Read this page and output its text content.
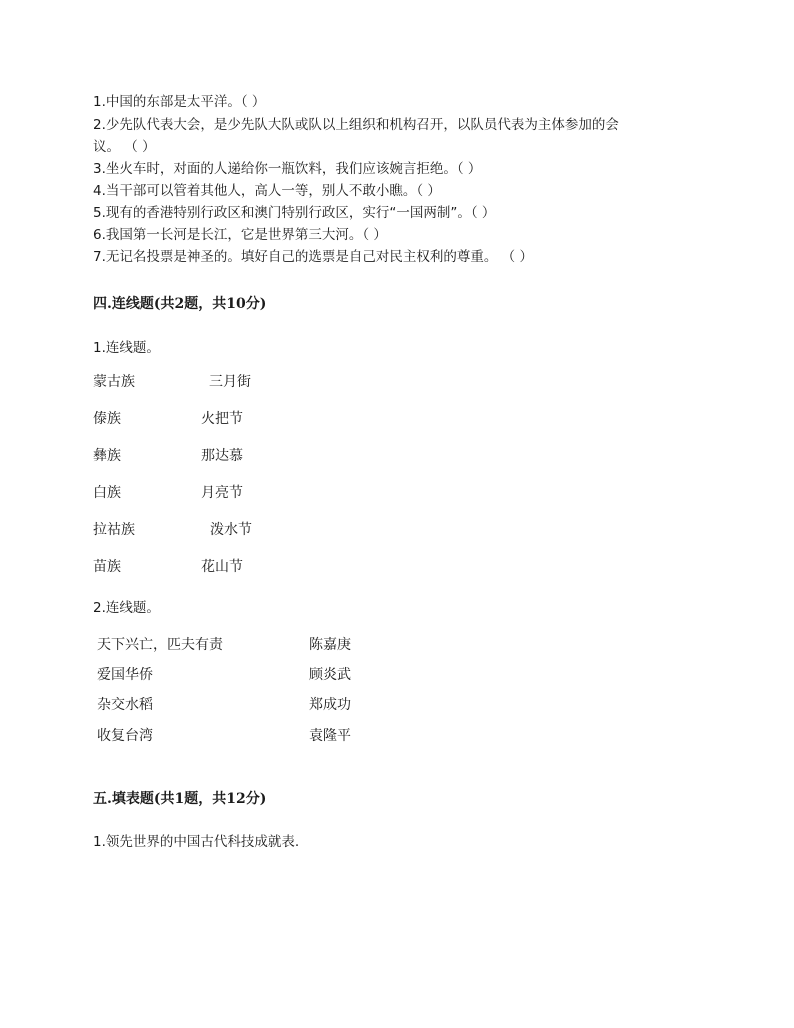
1.中国的东部是太平洋。（ ）
2.少先队代表大会，是少先队大队或队以上组织和机构召开，以队员代表为主体参加的会
议。 （ ）
3.坐火车时，对面的人递给你一瓶饮料，我们应该婉言拒绝。（ ）
4.当干部可以管着其他人，高人一等，别人不敢小瞧。（ ）
5.现有的香港特别行政区和澳门特别行政区，实行“一国两制”。（ ）
6.我国第一长河是长江，它是世界第三大河。（ ）
7.无记名投票是神圣的。填好自己的选票是自己对民主权利的尊重。 （ ）
四.连线题(共2题，共10分)
1.连线题。
蒙古族	三月街
傣族	火把节
彝族	那达慕
白族	月亮节
拉祜族	泼水节
苗族	花山节
2.连线题。
天下兴亡，匹夫有责	陈嘉庚
爱国华侨	顾炎武
杂交水稻	郑成功
收复台湾	袁隆平
五.填表题(共1题，共12分)
1.领先世界的中国古代科技成就表.
